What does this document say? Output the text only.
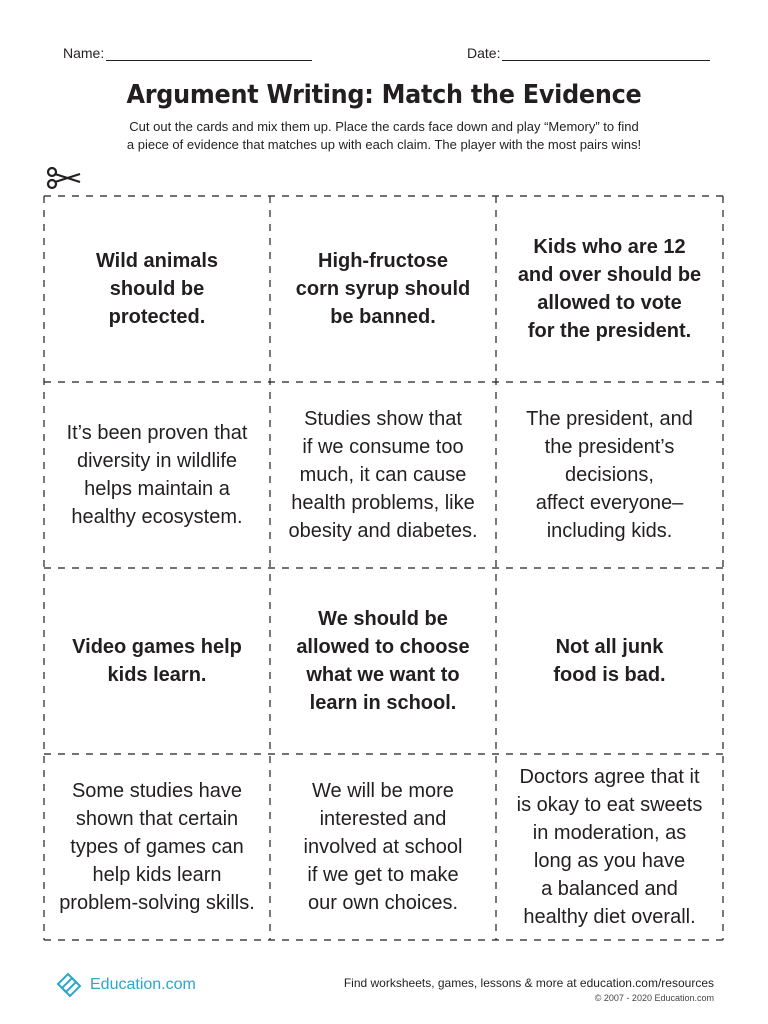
Name:	Date:
Argument Writing: Match the Evidence
Cut out the cards and mix them up. Place the cards face down and play “Memory” to find
a piece of evidence that matches up with each claim. The player with the most pairs wins!
Wild animals
should be
protected.
High-fructose
corn syrup should
be banned.
Kids who are 12
and over should be
allowed to vote
for the president.
It’s been proven that
diversity in wildlife
helps maintain a
healthy ecosystem.
Studies show that
if we consume too
much, it can cause
health problems, like
obesity and diabetes.
The president, and
the president’s
decisions,
affect everyone–
including kids.
Video games help
kids learn.
We should be
allowed to choose
what we want to
learn in school.
Not all junk
food is bad.
Some studies have
shown that certain
types of games can
help kids learn
problem-solving skills.
We will be more
interested and
involved at school
if we get to make
our own choices.
Doctors agree that it
is okay to eat sweets
in moderation, as
long as you have
a balanced and
healthy diet overall.
Education.com	Find worksheets, games, lessons & more at education.com/resources
© 2007 - 2020 Education.com
